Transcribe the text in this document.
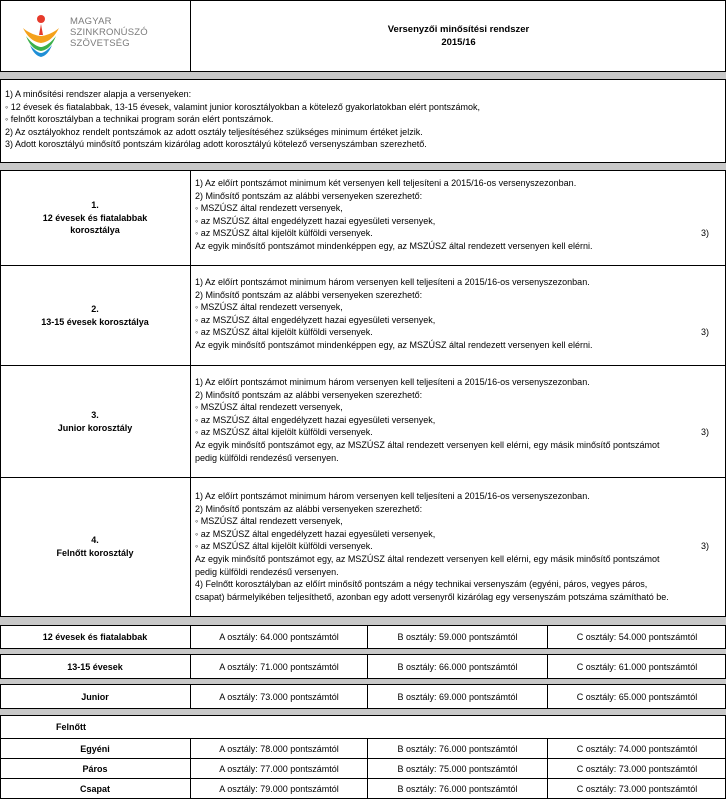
MAGYAR
SZINKRONÚSZÓ
SZÖVETSÉG
Versenyzői minősítési rendszer
2015/16
1) A minősítési rendszer alapja a versenyeken:
◦ 12 évesek és fiatalabbak, 13-15 évesek, valamint junior korosztályokban a kötelező gyakorlatokban elért pontszámok,
◦ felnőtt korosztályban a technikai program során elért pontszámok.
2) Az osztályokhoz rendelt pontszámok az adott osztály teljesítéséhez szükséges minimum értéket jelzik.
3) Adott korosztályú minősítő pontszám kizárólag adott korosztályú kötelező versenyszámban szerezhető.
1.
12 évesek és fiatalabbak
korosztálya
1) Az előírt pontszámot minimum két versenyen kell teljesíteni a 2015/16-os versenyszezonban.
2) Minősítő pontszám az alábbi versenyeken szerezhető:
◦ MSZÚSZ által rendezett versenyek,
◦ az MSZÚSZ által engedélyzett hazai egyesületi versenyek,
◦ az MSZÚSZ által kijelölt külföldi versenyek.
Az egyik minősítő pontszámot mindenképpen egy, az MSZÚSZ által rendezett versenyen kell elérni.
3)
2.
13-15 évesek korosztálya
1) Az előírt pontszámot minimum három versenyen kell teljesíteni a 2015/16-os versenyszezonban.
2) Minősítő pontszám az alábbi versenyeken szerezhető:
◦ MSZÚSZ által rendezett versenyek,
◦ az MSZÚSZ által engedélyzett hazai egyesületi versenyek,
◦ az MSZÚSZ által kijelölt külföldi versenyek.
Az egyik minősítő pontszámot mindenképpen egy, az MSZÚSZ által rendezett versenyen kell elérni.
3)
3.
Junior korosztály
1) Az előírt pontszámot minimum három versenyen kell teljesíteni a 2015/16-os versenyszezonban.
2) Minősítő pontszám az alábbi versenyeken szerezhető:
◦ MSZÚSZ által rendezett versenyek,
◦ az MSZÚSZ által engedélyzett hazai egyesületi versenyek,
◦ az MSZÚSZ által kijelölt külföldi versenyek.
Az egyik minősítő pontszámot egy, az MSZÚSZ által rendezett versenyen kell elérni, egy másik minősítő pontszámot
pedig külföldi rendezésű versenyen.
3)
4.
Felnőtt korosztály
1) Az előírt pontszámot minimum három versenyen kell teljesíteni a 2015/16-os versenyszezonban.
2) Minősítő pontszám az alábbi versenyeken szerezhető:
◦ MSZÚSZ által rendezett versenyek,
◦ az MSZÚSZ által engedélyzett hazai egyesületi versenyek,
◦ az MSZÚSZ által kijelölt külföldi versenyek.
Az egyik minősítő pontszámot egy, az MSZÚSZ által rendezett versenyen kell elérni, egy másik minősítő pontszámot
pedig külföldi rendezésű versenyen.
4) Felnőtt korosztályban az előírt minősítő pontszám a négy technikai versenyszám (egyéni, páros, vegyes páros,
csapat) bármelyikében teljesíthető, azonban egy adott versenyről kizárólag egy versenyszám potszáma számítható be.
3)
12 évesek és fiatalabbak	A osztály: 64.000 pontszámtól	B osztály: 59.000 pontszámtól	C osztály: 54.000 pontszámtól
13-15 évesek	A osztály: 71.000 pontszámtól	B osztály: 66.000 pontszámtól	C osztály: 61.000 pontszámtól
Junior	A osztály: 73.000 pontszámtól	B osztály: 69.000 pontszámtól	C osztály: 65.000 pontszámtól
Felnőtt
Egyéni	A osztály: 78.000 pontszámtól	B osztály: 76.000 pontszámtól	C osztály: 74.000 pontszámtól
Páros	A osztály: 77.000 pontszámtól	B osztály: 75.000 pontszámtól	C osztály: 73.000 pontszámtól
Csapat	A osztály: 79.000 pontszámtól	B osztály: 76.000 pontszámtól	C osztály: 73.000 pontszámtól
